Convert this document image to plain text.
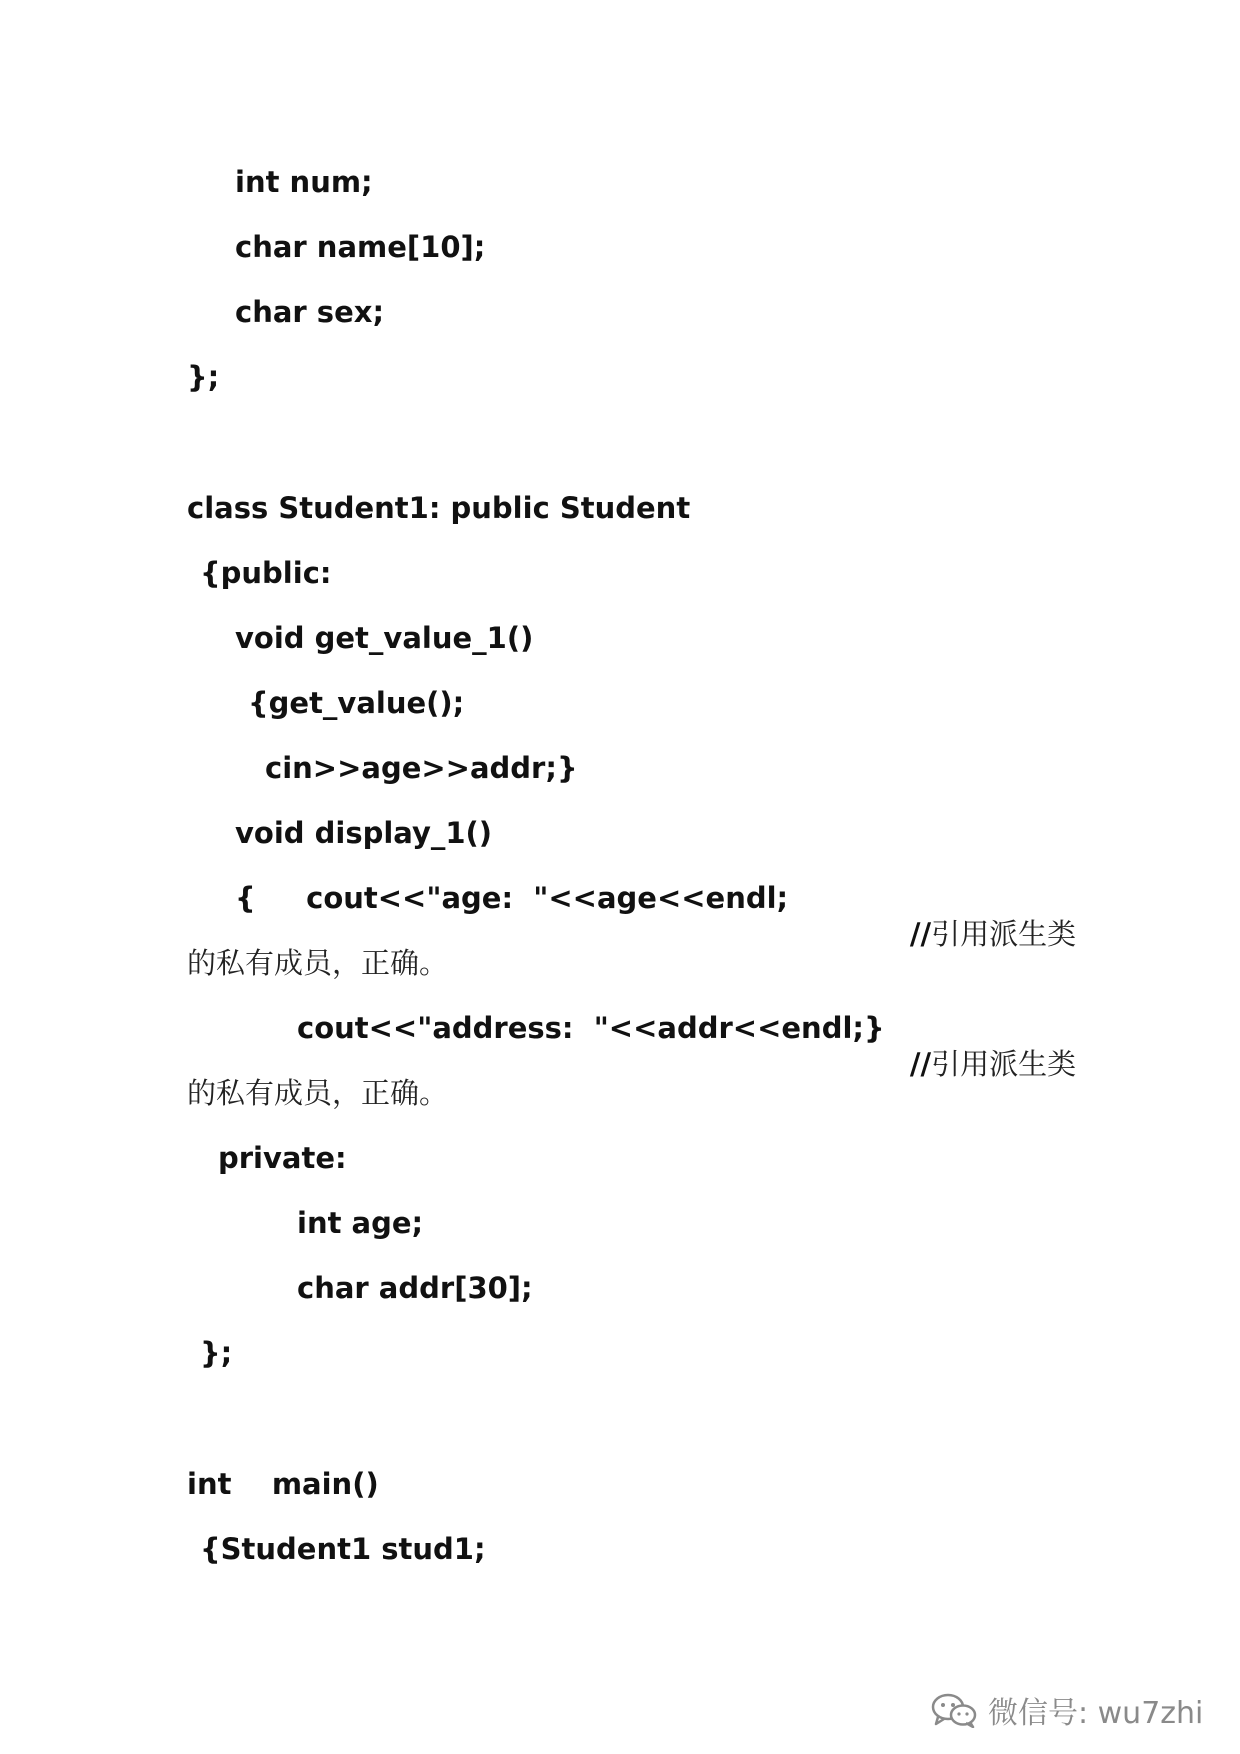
int num;
char name[10];
char sex;
};
class Student1: public Student
{public:
void get_value_1()
{get_value();
cin>>age>>addr;}
void display_1()
{     cout<<"age:  "<<age<<endl;

//引用派生类

的私有成员，正确。
cout<<"address:  "<<addr<<endl;}

//引用派生类

的私有成员，正确。
private:
int age;
char addr[30];
};
int    main()
{Student1 stud1;
微信号: wu7zhi
